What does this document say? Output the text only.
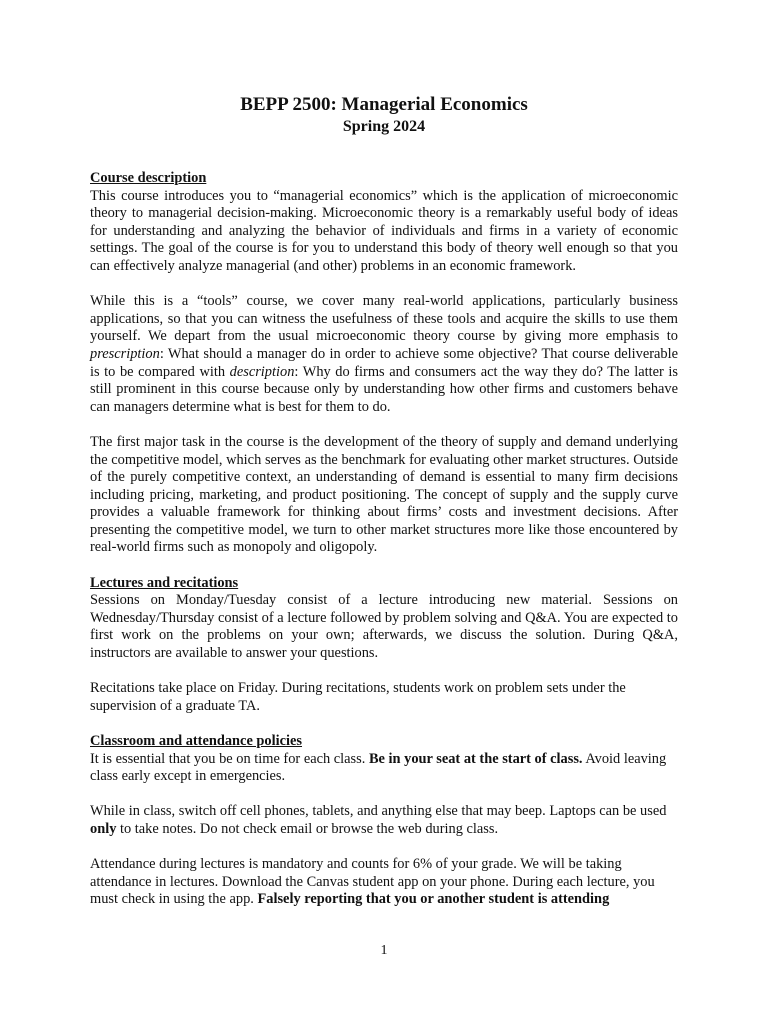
BEPP 2500: Managerial Economics
Spring 2024
Course description

This course introduces you to “managerial economics” which is the application of microeconomic theory to managerial decision-making. Microeconomic theory is a remarkably useful body of ideas for understanding and analyzing the behavior of individuals and firms in a variety of economic settings. The goal of the course is for you to understand this body of theory well enough so that you can effectively analyze managerial (and other) problems in an economic framework.

While this is a “tools” course, we cover many real-world applications, particularly business applications, so that you can witness the usefulness of these tools and acquire the skills to use them yourself. We depart from the usual microeconomic theory course by giving more emphasis to prescription: What should a manager do in order to achieve some objective? That course deliverable is to be compared with description: Why do firms and consumers act the way they do? The latter is still prominent in this course because only by understanding how other firms and customers behave can managers determine what is best for them to do.

The first major task in the course is the development of the theory of supply and demand underlying the competitive model, which serves as the benchmark for evaluating other market structures. Outside of the purely competitive context, an understanding of demand is essential to many firm decisions including pricing, marketing, and product positioning. The concept of supply and the supply curve provides a valuable framework for thinking about firms’ costs and investment decisions. After presenting the competitive model, we turn to other market structures more like those encountered by real-world firms such as monopoly and oligopoly.

Lectures and recitations

Sessions on Monday/Tuesday consist of a lecture introducing new material. Sessions on Wednesday/Thursday consist of a lecture followed by problem solving and Q&A. You are expected to first work on the problems on your own; afterwards, we discuss the solution. During Q&A, instructors are available to answer your questions.

Recitations take place on Friday. During recitations, students work on problem sets under the supervision of a graduate TA.

Classroom and attendance policies

It is essential that you be on time for each class. Be in your seat at the start of class. Avoid leaving class early except in emergencies.

While in class, switch off cell phones, tablets, and anything else that may beep. Laptops can be used only to take notes. Do not check email or browse the web during class.

Attendance during lectures is mandatory and counts for 6% of your grade. We will be taking attendance in lectures. Download the Canvas student app on your phone. During each lecture, you must check in using the app. Falsely reporting that you or another student is attending

1
